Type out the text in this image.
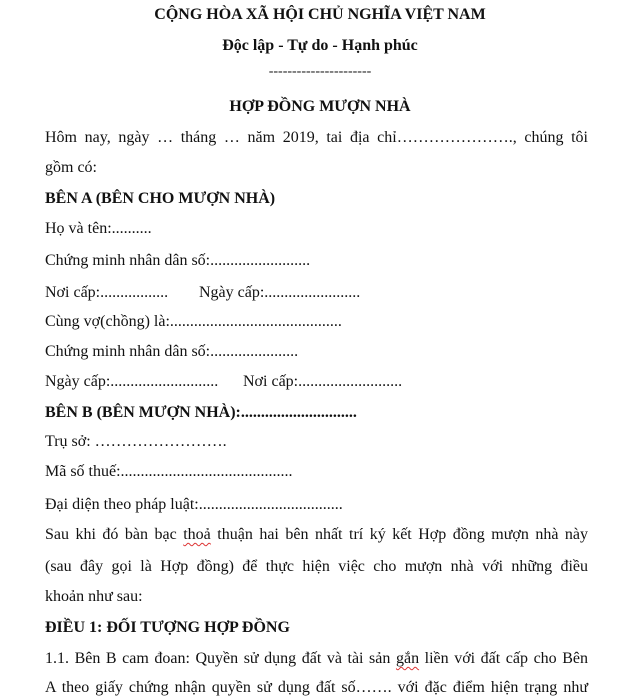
CỘNG HÒA XÃ HỘI CHỦ NGHĨA VIỆT NAM
Độc lập - Tự do - Hạnh phúc
----------------------
HỢP ĐỒNG MƯỢN NHÀ
Hôm nay, ngày … tháng … năm 2019, tai địa chỉ…………………., chúng tôi
gồm có:
BÊN A (BÊN CHO MƯỢN NHÀ)
Họ và tên:..........
Chứng minh nhân dân số:.........................
Nơi cấp:................. Ngày cấp:........................
Cùng vợ(chồng) là:...........................................
Chứng minh nhân dân số:......................
Ngày cấp:........................... Nơi cấp:..........................
BÊN B (BÊN MƯỢN NHÀ):.............................
Trụ sở: …………………….
Mã số thuế:...........................................
Đại diện theo pháp luật:....................................
Sau khi đó bàn bạc thoả thuận hai bên nhất trí ký kết Hợp đồng mượn nhà này
(sau đây gọi là Hợp đồng) để thực hiện việc cho mượn nhà với những điều
khoản như sau:
ĐIỀU 1: ĐỐI TƯỢNG HỢP ĐỒNG
1.1. Bên B cam đoan: Quyền sử dụng đất và tài sản gắn liền với đất cấp cho Bên
A theo giấy chứng nhận quyền sử dụng đất số……. với đặc điểm hiện trạng như
